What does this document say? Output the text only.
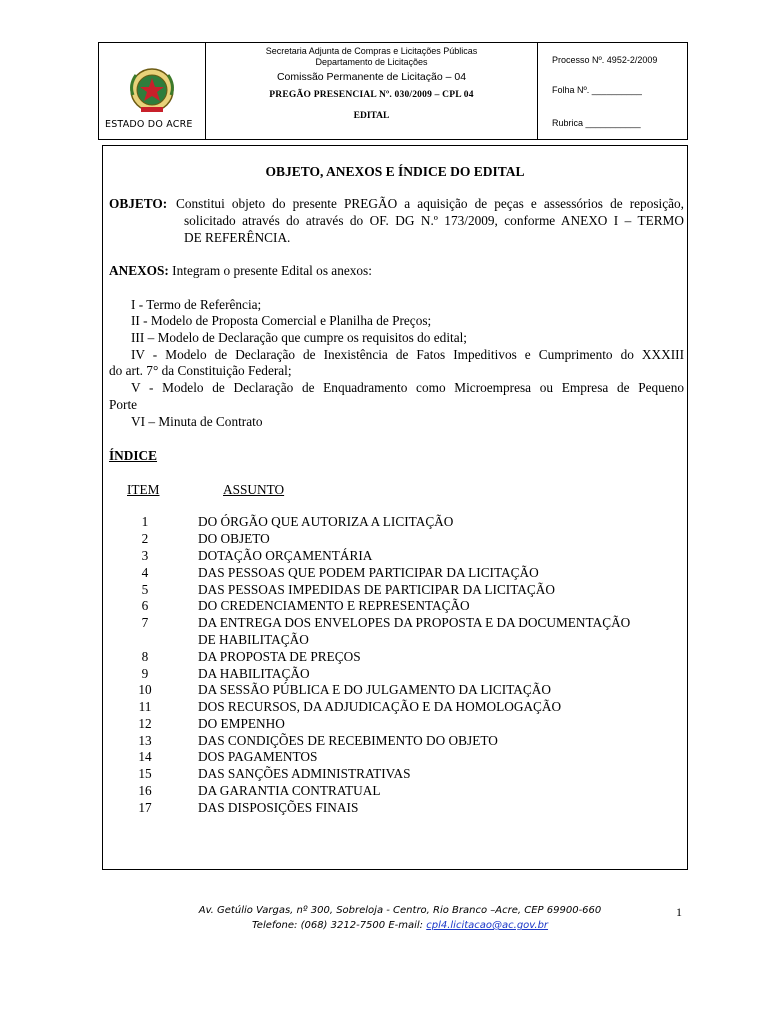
ESTADO DO ACRE
Secretaria Adjunta de Compras e Licitações Públicas
Departamento de Licitações
Comissão Permanente de Licitação – 04
PREGÃO PRESENCIAL Nº. 030/2009 – CPL 04
EDITAL
Processo Nº. 4952-2/2009
Folha Nº. __________
Rubrica ___________
OBJETO, ANEXOS E ÍNDICE DO EDITAL
OBJETO: Constitui objeto do presente PREGÃO a aquisição de peças e assessórios de reposição,
solicitado através do através do OF. DG N.º 173/2009, conforme ANEXO I – TERMO
DE REFERÊNCIA.
ANEXOS: Integram o presente Edital os anexos:
I - Termo de Referência;
II - Modelo de Proposta Comercial e Planilha de Preços;
III – Modelo de Declaração que cumpre os requisitos do edital;
IV - Modelo de Declaração de Inexistência de Fatos Impeditivos e Cumprimento do XXXIII
do art. 7° da Constituição Federal;
V - Modelo de Declaração de Enquadramento como Microempresa ou Empresa de Pequeno
Porte
VI – Minuta de Contrato
ÍNDICE
ITEM	ASSUNTO
1	DO ÓRGÃO QUE AUTORIZA A LICITAÇÃO
2	DO OBJETO
3	DOTAÇÃO ORÇAMENTÁRIA
4	DAS PESSOAS QUE PODEM PARTICIPAR DA LICITAÇÃO
5	DAS PESSOAS IMPEDIDAS DE PARTICIPAR DA LICITAÇÃO
6	DO CREDENCIAMENTO E REPRESENTAÇÃO
7	DA ENTREGA DOS ENVELOPES DA PROPOSTA E DA DOCUMENTAÇÃO
DE HABILITAÇÃO
8	DA PROPOSTA DE PREÇOS
9	DA HABILITAÇÃO
10	DA SESSÃO PÚBLICA E DO JULGAMENTO DA LICITAÇÃO
11	DOS RECURSOS, DA ADJUDICAÇÃO E DA HOMOLOGAÇÃO
12	DO EMPENHO
13	DAS CONDIÇÕES DE RECEBIMENTO DO OBJETO
14	DOS PAGAMENTOS
15	DAS SANÇÕES ADMINISTRATIVAS
16	DA GARANTIA CONTRATUAL
17	DAS DISPOSIÇÕES FINAIS
Av. Getúlio Vargas, nº 300, Sobreloja - Centro, Rio Branco –Acre, CEP 69900-660
Telefone: (068) 3212-7500 E-mail: cpl4.licitacao@ac.gov.br
1
